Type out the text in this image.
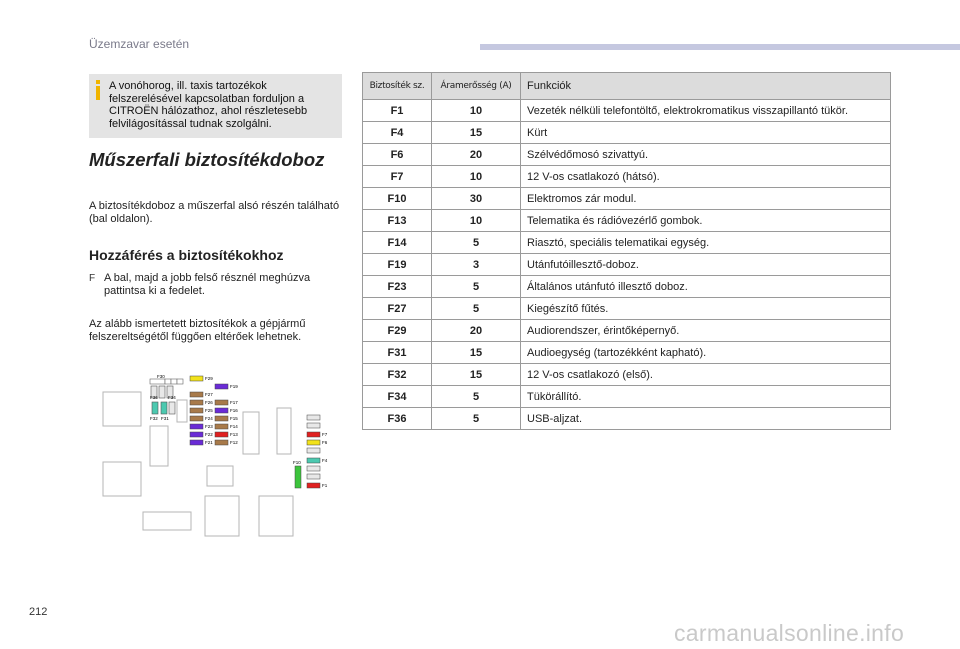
Üzemzavar esetén
A vonóhorog, ill. taxis tartozékok felszerelésével kapcsolatban forduljon a CITROËN hálózathoz, ahol részletesebb felvilágosítással tudnak szolgálni.
Műszerfali biztosítékdoboz
A biztosítékdoboz a műszerfal alsó részén található (bal oldalon).
Hozzáférés a biztosítékokhoz
F A bal, majd a jobb felső résznél meghúzva pattintsa ki a fedelet.
Az alább ismertetett biztosítékok a gépjármű felszereltségétől függően eltérőek lehetnek.
F30
F36 F34
F32 F31
F29
F19
F27
F17
F26
F16
F25
F15
F24
F14
F23
F13
F22
F12
F21
F7
F6
F4
F1
F10
Biztosíték sz.	Áramerősség (A)	Funkciók
F1	10	Vezeték nélküli telefontöltő, elektrokromatikus visszapillantó tükör.
F4	15	Kürt
F6	20	Szélvédőmosó szivattyú.
F7	10	12 V-os csatlakozó (hátsó).
F10	30	Elektromos zár modul.
F13	10	Telematika és rádióvezérlő gombok.
F14	5	Riasztó, speciális telematikai egység.
F19	3	Utánfutóillesztő-doboz.
F23	5	Általános utánfutó illesztő doboz.
F27	5	Kiegészítő fűtés.
F29	20	Audiorendszer, érintőképernyő.
F31	15	Audioegység (tartozékként kapható).
F32	15	12 V-os csatlakozó (első).
F34	5	Tükörállító.
F36	5	USB-aljzat.
212
carmanualsonline.info
